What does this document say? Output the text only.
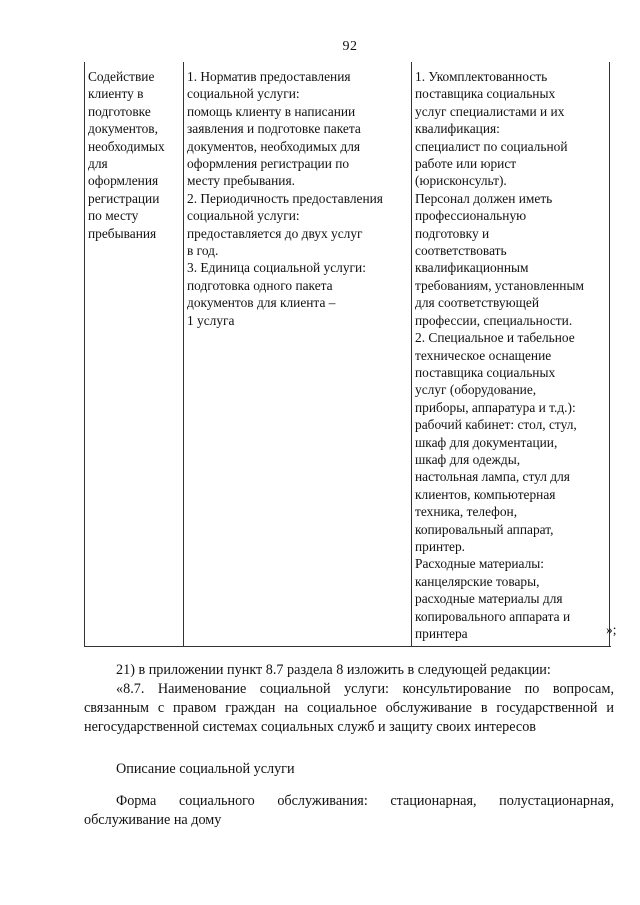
92
Содействие
клиенту в
подготовке
документов,
необходимых
для
оформления
регистрации
по месту
пребывания
1. Норматив предоставления
социальной услуги:
помощь клиенту в написании
заявления и подготовке пакета
документов, необходимых для
оформления регистрации по
месту пребывания.
2. Периодичность предоставления
социальной услуги:
предоставляется до двух услуг
в год.
3. Единица социальной услуги:
подготовка одного пакета
документов для клиента –
1 услуга
1. Укомплектованность
поставщика социальных
услуг специалистами и их
квалификация:
специалист по социальной
работе или юрист
(юрисконсульт).
Персонал должен иметь
профессиональную
подготовку и
соответствовать
квалификационным
требованиям, установленным
для соответствующей
профессии, специальности.
2. Специальное и табельное
техническое оснащение
поставщика социальных
услуг (оборудование,
приборы, аппаратура и т.д.):
рабочий кабинет: стол, стул,
шкаф для документации,
шкаф для одежды,
настольная лампа, стул для
клиентов, компьютерная
техника, телефон,
копировальный аппарат,
принтер.
Расходные материалы:
канцелярские товары,
расходные материалы для
копировального аппарата и
принтера	»;
21) в приложении пункт 8.7 раздела 8 изложить в следующей редакции:
«8.7. Наименование социальной услуги: консультирование по вопросам,
связанным с правом граждан на социальное обслуживание в государственной и
негосударственной системах социальных служб и защиту своих интересов
Описание социальной услуги
Форма социального обслуживания: стационарная, полустационарная,
обслуживание на дому
